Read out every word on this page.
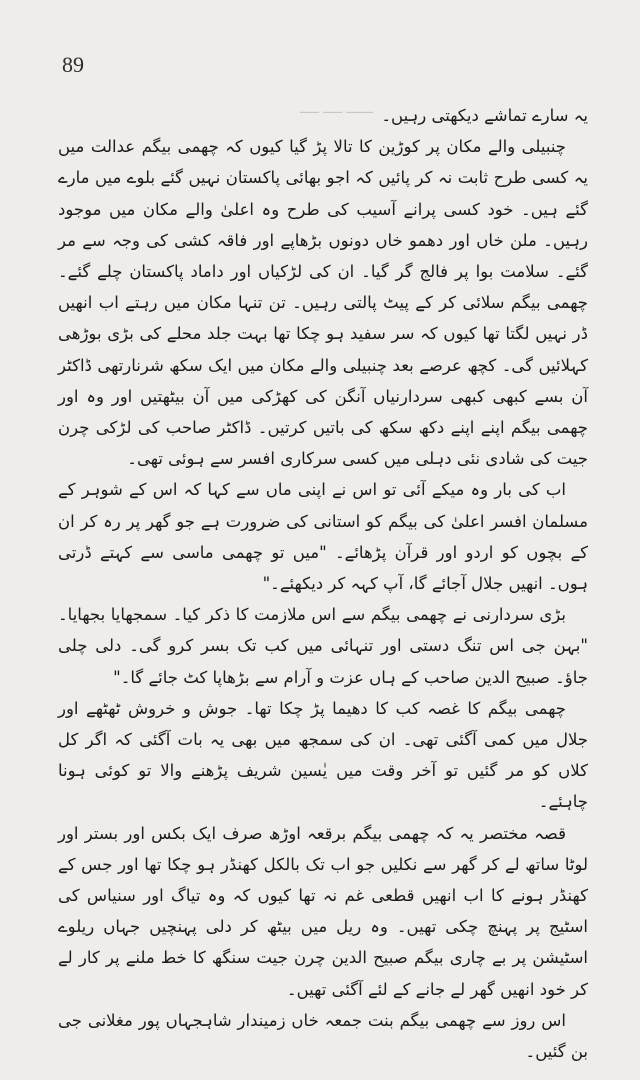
89
ـــــــ ـــــ ـــــ یہ سارے تماشے دیکھتی رہیں۔

چنبیلی والے مکان پر کوڑین کا تالا پڑ گیا کیوں کہ چھمی بیگم عدالت میں یہ کسی طرح ثابت نہ کر پائیں کہ اجو بھائی پاکستان نہیں گئے بلوے میں مارے گئے ہیں۔ خود کسی پرانے آسیب کی طرح وہ اعلیٰ والے مکان میں موجود رہیں۔ ملن خاں اور دھمو خاں دونوں بڑھاپے اور فاقہ کشی کی وجہ سے مر گئے۔ سلامت بوا پر فالج گر گیا۔ ان کی لڑکیاں اور داماد پاکستان چلے گئے۔ چھمی بیگم سلائی کر کے پیٹ پالتی رہیں۔ تن تنہا مکان میں رہتے اب انھیں ڈر نہیں لگتا تھا کیوں کہ سر سفید ہو چکا تھا بہت جلد محلے کی بڑی بوڑھی کہلائیں گی۔ کچھ عرصے بعد چنبیلی والے مکان میں ایک سکھ شرنارتھی ڈاکٹر آن بسے کبھی کبھی سردارنیاں آنگن کی کھڑکی میں آن بیٹھتیں اور وہ اور چھمی بیگم اپنے اپنے دکھ سکھ کی باتیں کرتیں۔ ڈاکٹر صاحب کی لڑکی چرن جیت کی شادی نئی دہلی میں کسی سرکاری افسر سے ہوئی تھی۔

اب کی بار وہ میکے آئی تو اس نے اپنی ماں سے کہا کہ اس کے شوہر کے مسلمان افسر اعلیٰ کی بیگم کو استانی کی ضرورت ہے جو گھر پر رہ کر ان کے بچوں کو اردو اور قرآن پڑھائے۔ "میں تو چھمی ماسی سے کہتے ڈرتی ہوں۔ انھیں جلال آجائے گا، آپ کہہ کر دیکھئے۔"

بڑی سردارنی نے چھمی بیگم سے اس ملازمت کا ذکر کیا۔ سمجھایا بجھایا۔ "بہن جی اس تنگ دستی اور تنہائی میں کب تک بسر کرو گی۔ دلی چلی جاؤ۔ صبیح الدین صاحب کے ہاں عزت و آرام سے بڑھاپا کٹ جائے گا۔"

چھمی بیگم کا غصہ کب کا دھیما پڑ چکا تھا۔ جوش و خروش ٹھٹھے اور جلال میں کمی آگئی تھی۔ ان کی سمجھ میں بھی یہ بات آگئی کہ اگر کل کلاں کو مر گئیں تو آخر وقت میں یٰسین شریف پڑھنے والا تو کوئی ہونا چاہئے۔

قصہ مختصر یہ کہ چھمی بیگم برقعہ اوڑھ صرف ایک بکس اور بستر اور لوٹا ساتھ لے کر گھر سے نکلیں جو اب تک بالکل کھنڈر ہو چکا تھا اور جس کے کھنڈر ہونے کا اب انھیں قطعی غم نہ تھا کیوں کہ وہ تیاگ اور سنیاس کی اسٹیج پر پہنچ چکی تھیں۔ وہ ریل میں بیٹھ کر دلی پہنچیں جہاں ریلوے اسٹیشن پر بے چاری بیگم صبیح الدین چرن جیت سنگھ کا خط ملنے پر کار لے کر خود انھیں گھر لے جانے کے لئے آگئی تھیں۔

اس روز سے چھمی بیگم بنت جمعہ خاں زمیندار شاہجہاں پور مغلانی جی بن گئیں۔
